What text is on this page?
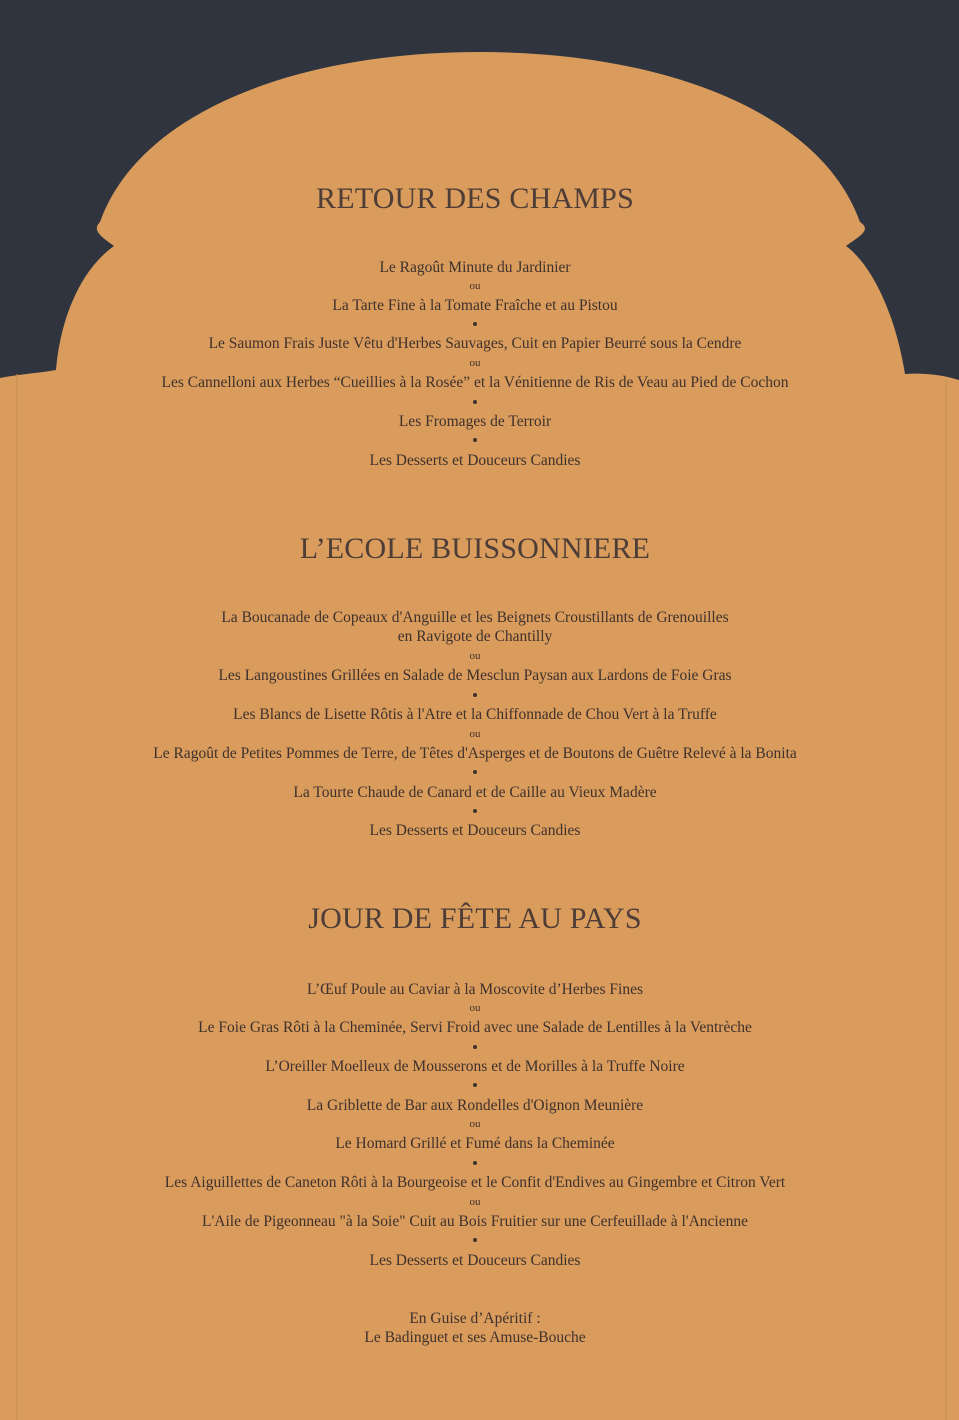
RETOUR DES CHAMPS
Le Ragoût Minute du Jardinier
ou
La Tarte Fine à la Tomate Fraîche et au Pistou
Le Saumon Frais Juste Vêtu d'Herbes Sauvages, Cuit en Papier Beurré sous la Cendre
ou
Les Cannelloni aux Herbes “Cueillies à la Rosée” et la Vénitienne de Ris de Veau au Pied de Cochon
Les Fromages de Terroir
Les Desserts et Douceurs Candies
L’ECOLE BUISSONNIERE
La Boucanade de Copeaux d'Anguille et les Beignets Croustillants de Grenouilles
en Ravigote de Chantilly
ou
Les Langoustines Grillées en Salade de Mesclun Paysan aux Lardons de Foie Gras
Les Blancs de Lisette Rôtis à l'Atre et la Chiffonnade de Chou Vert à la Truffe
ou
Le Ragoût de Petites Pommes de Terre, de Têtes d'Asperges et de Boutons de Guêtre Relevé à la Bonita
La Tourte Chaude de Canard et de Caille au Vieux Madère
Les Desserts et Douceurs Candies
JOUR DE FÊTE AU PAYS
L’Œuf Poule au Caviar à la Moscovite d’Herbes Fines
ou
Le Foie Gras Rôti à la Cheminée, Servi Froid avec une Salade de Lentilles à la Ventrèche
L’Oreiller Moelleux de Mousserons et de Morilles à la Truffe Noire
La Griblette de Bar aux Rondelles d'Oignon Meunière
ou
Le Homard Grillé et Fumé dans la Cheminée
Les Aiguillettes de Caneton Rôti à la Bourgeoise et le Confit d'Endives au Gingembre et Citron Vert
ou
L'Aile de Pigeonneau "à la Soie" Cuit au Bois Fruitier sur une Cerfeuillade à l'Ancienne
Les Desserts et Douceurs Candies
En Guise d’Apéritif :
Le Badinguet et ses Amuse-Bouche
